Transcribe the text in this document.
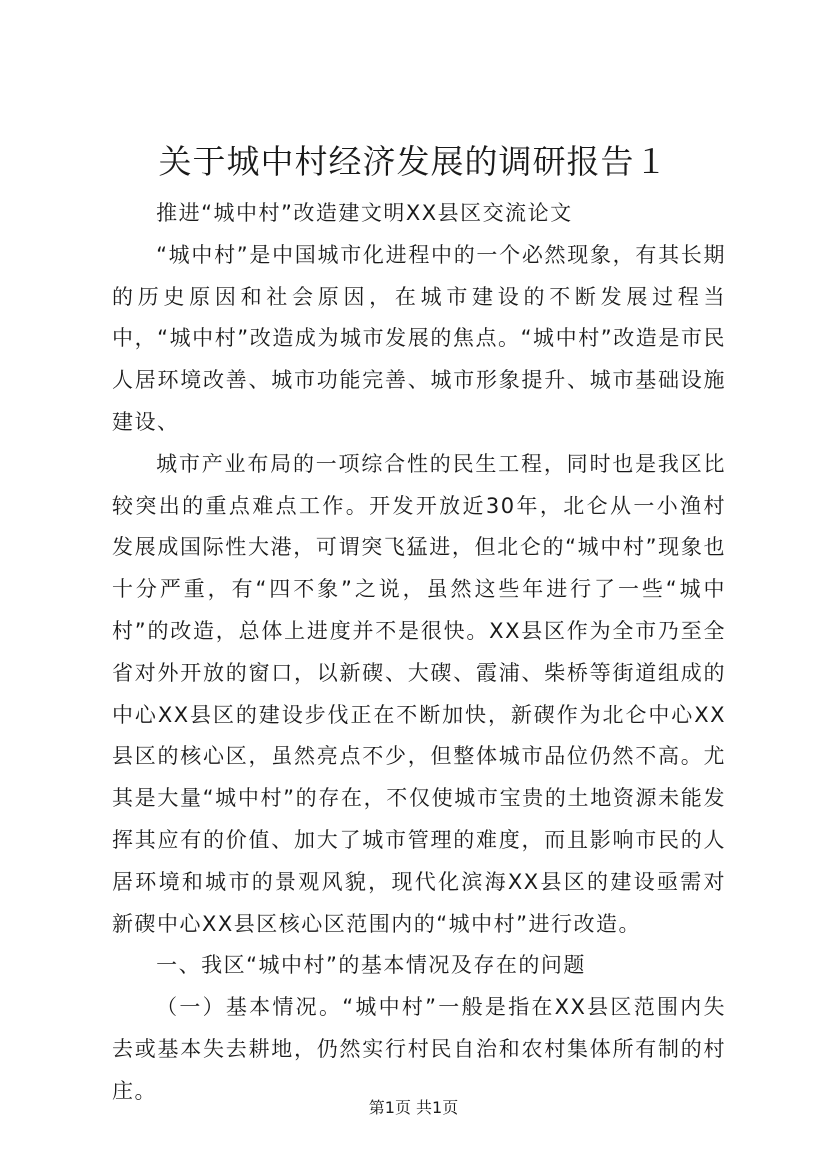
关于城中村经济发展的调研报告１

推进“城中村”改造建文明XX县区交流论文

“城中村”是中国城市化进程中的一个必然现象，有其长期的历史原因和社会原因，在城市建设的不断发展过程当中，“城中村”改造成为城市发展的焦点。“城中村”改造是市民人居环境改善、城市功能完善、城市形象提升、城市基础设施建设、

城市产业布局的一项综合性的民生工程，同时也是我区比较突出的重点难点工作。开发开放近30年，北仑从一小渔村发展成国际性大港，可谓突飞猛进，但北仑的“城中村”现象也十分严重，有“四不象”之说，虽然这些年进行了一些“城中村”的改造，总体上进度并不是很快。XX县区作为全市乃至全省对外开放的窗口，以新碶、大碶、霞浦、柴桥等街道组成的中心XX县区的建设步伐正在不断加快，新碶作为北仑中心XX县区的核心区，虽然亮点不少，但整体城市品位仍然不高。尤其是大量“城中村”的存在，不仅使城市宝贵的土地资源未能发挥其应有的价值、加大了城市管理的难度，而且影响市民的人居环境和城市的景观风貌，现代化滨海XX县区的建设亟需对新碶中心XX县区核心区范围内的“城中村”进行改造。

一、我区“城中村”的基本情况及存在的问题

（一）基本情况。“城中村”一般是指在XX县区范围内失去或基本失去耕地，仍然实行村民自治和农村集体所有制的村庄。

第1页 共1页
